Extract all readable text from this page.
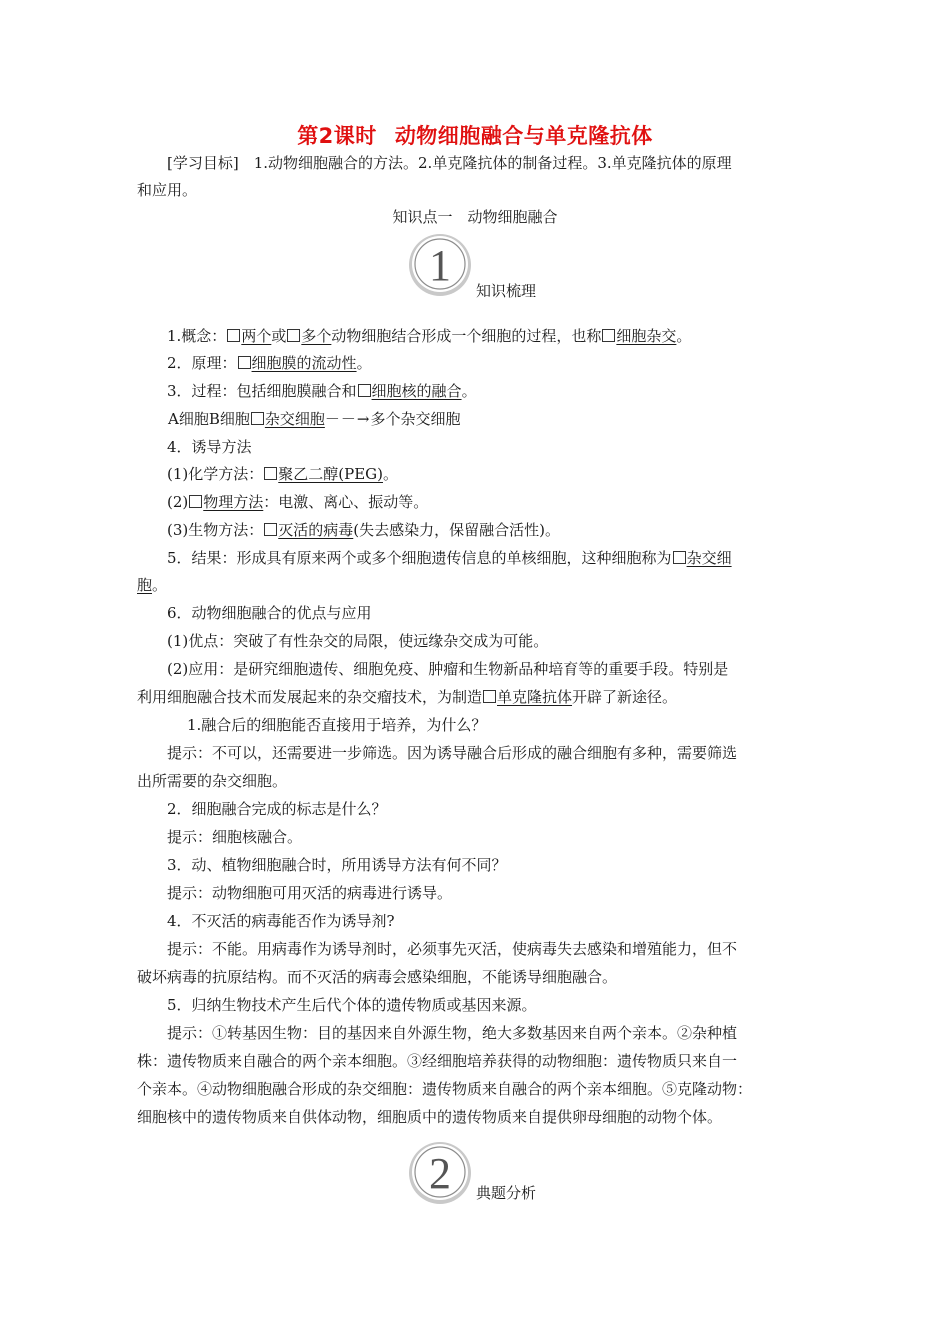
第2课时 动物细胞融合与单克隆抗体
[学习目标]　1.动物细胞融合的方法。2.单克隆抗体的制备过程。3.单克隆抗体的原理
和应用。
知识点一　动物细胞融合
1
知识梳理
1.概念： 两个或 多个动物细胞结合形成一个细胞的过程，也称 细胞杂交。
2．原理： 细胞膜的流动性。
3．过程：包括细胞膜融合和 细胞核的融合。
A细胞B细胞 杂交细胞－－→多个杂交细胞
4．诱导方法
(1)化学方法： 聚乙二醇(PEG)。
(2) 物理方法：电激、离心、振动等。
(3)生物方法： 灭活的病毒(失去感染力，保留融合活性)。
5．结果：形成具有原来两个或多个细胞遗传信息的单核细胞，这种细胞称为 杂交细
胞。
6．动物细胞融合的优点与应用
(1)优点：突破了有性杂交的局限，使远缘杂交成为可能。
(2)应用：是研究细胞遗传、细胞免疫、肿瘤和生物新品种培育等的重要手段。特别是
利用细胞融合技术而发展起来的杂交瘤技术，为制造 单克隆抗体开辟了新途径。
1.融合后的细胞能否直接用于培养，为什么？
提示：不可以，还需要进一步筛选。因为诱导融合后形成的融合细胞有多种，需要筛选
出所需要的杂交细胞。
2．细胞融合完成的标志是什么？
提示：细胞核融合。
3．动、植物细胞融合时，所用诱导方法有何不同？
提示：动物细胞可用灭活的病毒进行诱导。
4．不灭活的病毒能否作为诱导剂?
提示：不能。用病毒作为诱导剂时，必须事先灭活，使病毒失去感染和增殖能力，但不
破坏病毒的抗原结构。而不灭活的病毒会感染细胞，不能诱导细胞融合。
5．归纳生物技术产生后代个体的遗传物质或基因来源。
提示：①转基因生物：目的基因来自外源生物，绝大多数基因来自两个亲本。②杂种植
株：遗传物质来自融合的两个亲本细胞。③经细胞培养获得的动物细胞：遗传物质只来自一
个亲本。④动物细胞融合形成的杂交细胞：遗传物质来自融合的两个亲本细胞。⑤克隆动物：
细胞核中的遗传物质来自供体动物，细胞质中的遗传物质来自提供卵母细胞的动物个体。
2 典题分析
